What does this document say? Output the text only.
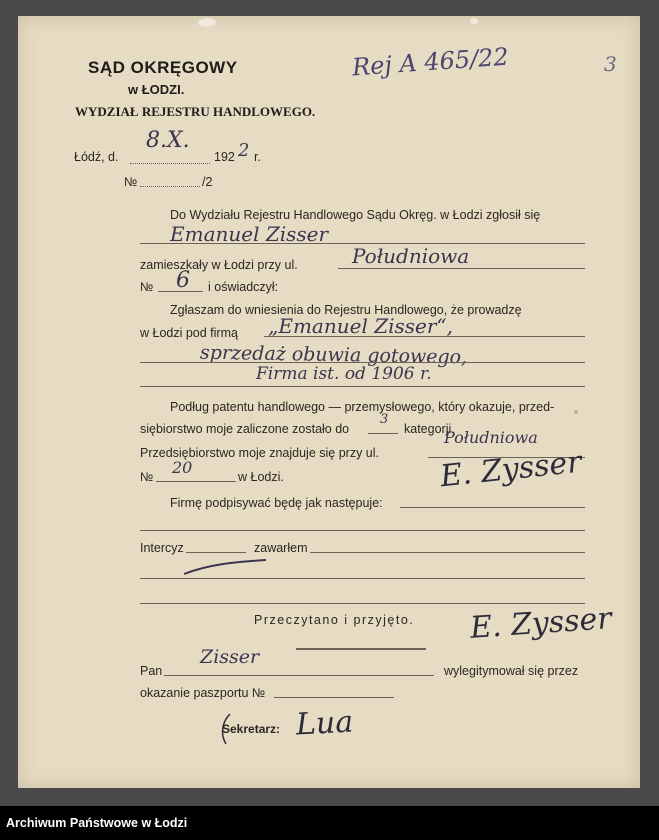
SĄD OKRĘGOWY
w ŁODZI.
WYDZIAŁ REJESTRU HANDLOWEGO.
Rej A 465/22	3
Łódź, d.
8.X.
192 2 r.
№	/2
Do Wydziału Rejestru Handlowego Sądu Okręg. w Łodzi zgłosił się
Emanuel Zisser
zamieszkały w Łodzi przy ul.	Połudn​iowa
№ 6 i oświadczył:
Zgłaszam do wniesienia do Rejestru Handlowego, że prowadzę
w Łodzi pod firmą „Emanuel Zisser“,
sprzedaż obuwia gotowego,
Firma ist. od 1906 r.
Podług patentu handlowego — przemysłowego, który okazuje, przed-
siębiorstwo moje zaliczone zostało do
3
kategorji.
Przedsiębiorstwo moje znajduje się przy ul.
Połudn​iowa
№ 20	w Łodzi.	E. Zysser
Firmę podpisywać będę jak następuje:
Intercyz	zawarłem
Przeczytano i przyjęto. E. Zysser
Pan
Zisser
wylegitymował się przez
okazanie paszportu №
Sekretarz: Lua
Archiwum Państwowe w Łodzi
